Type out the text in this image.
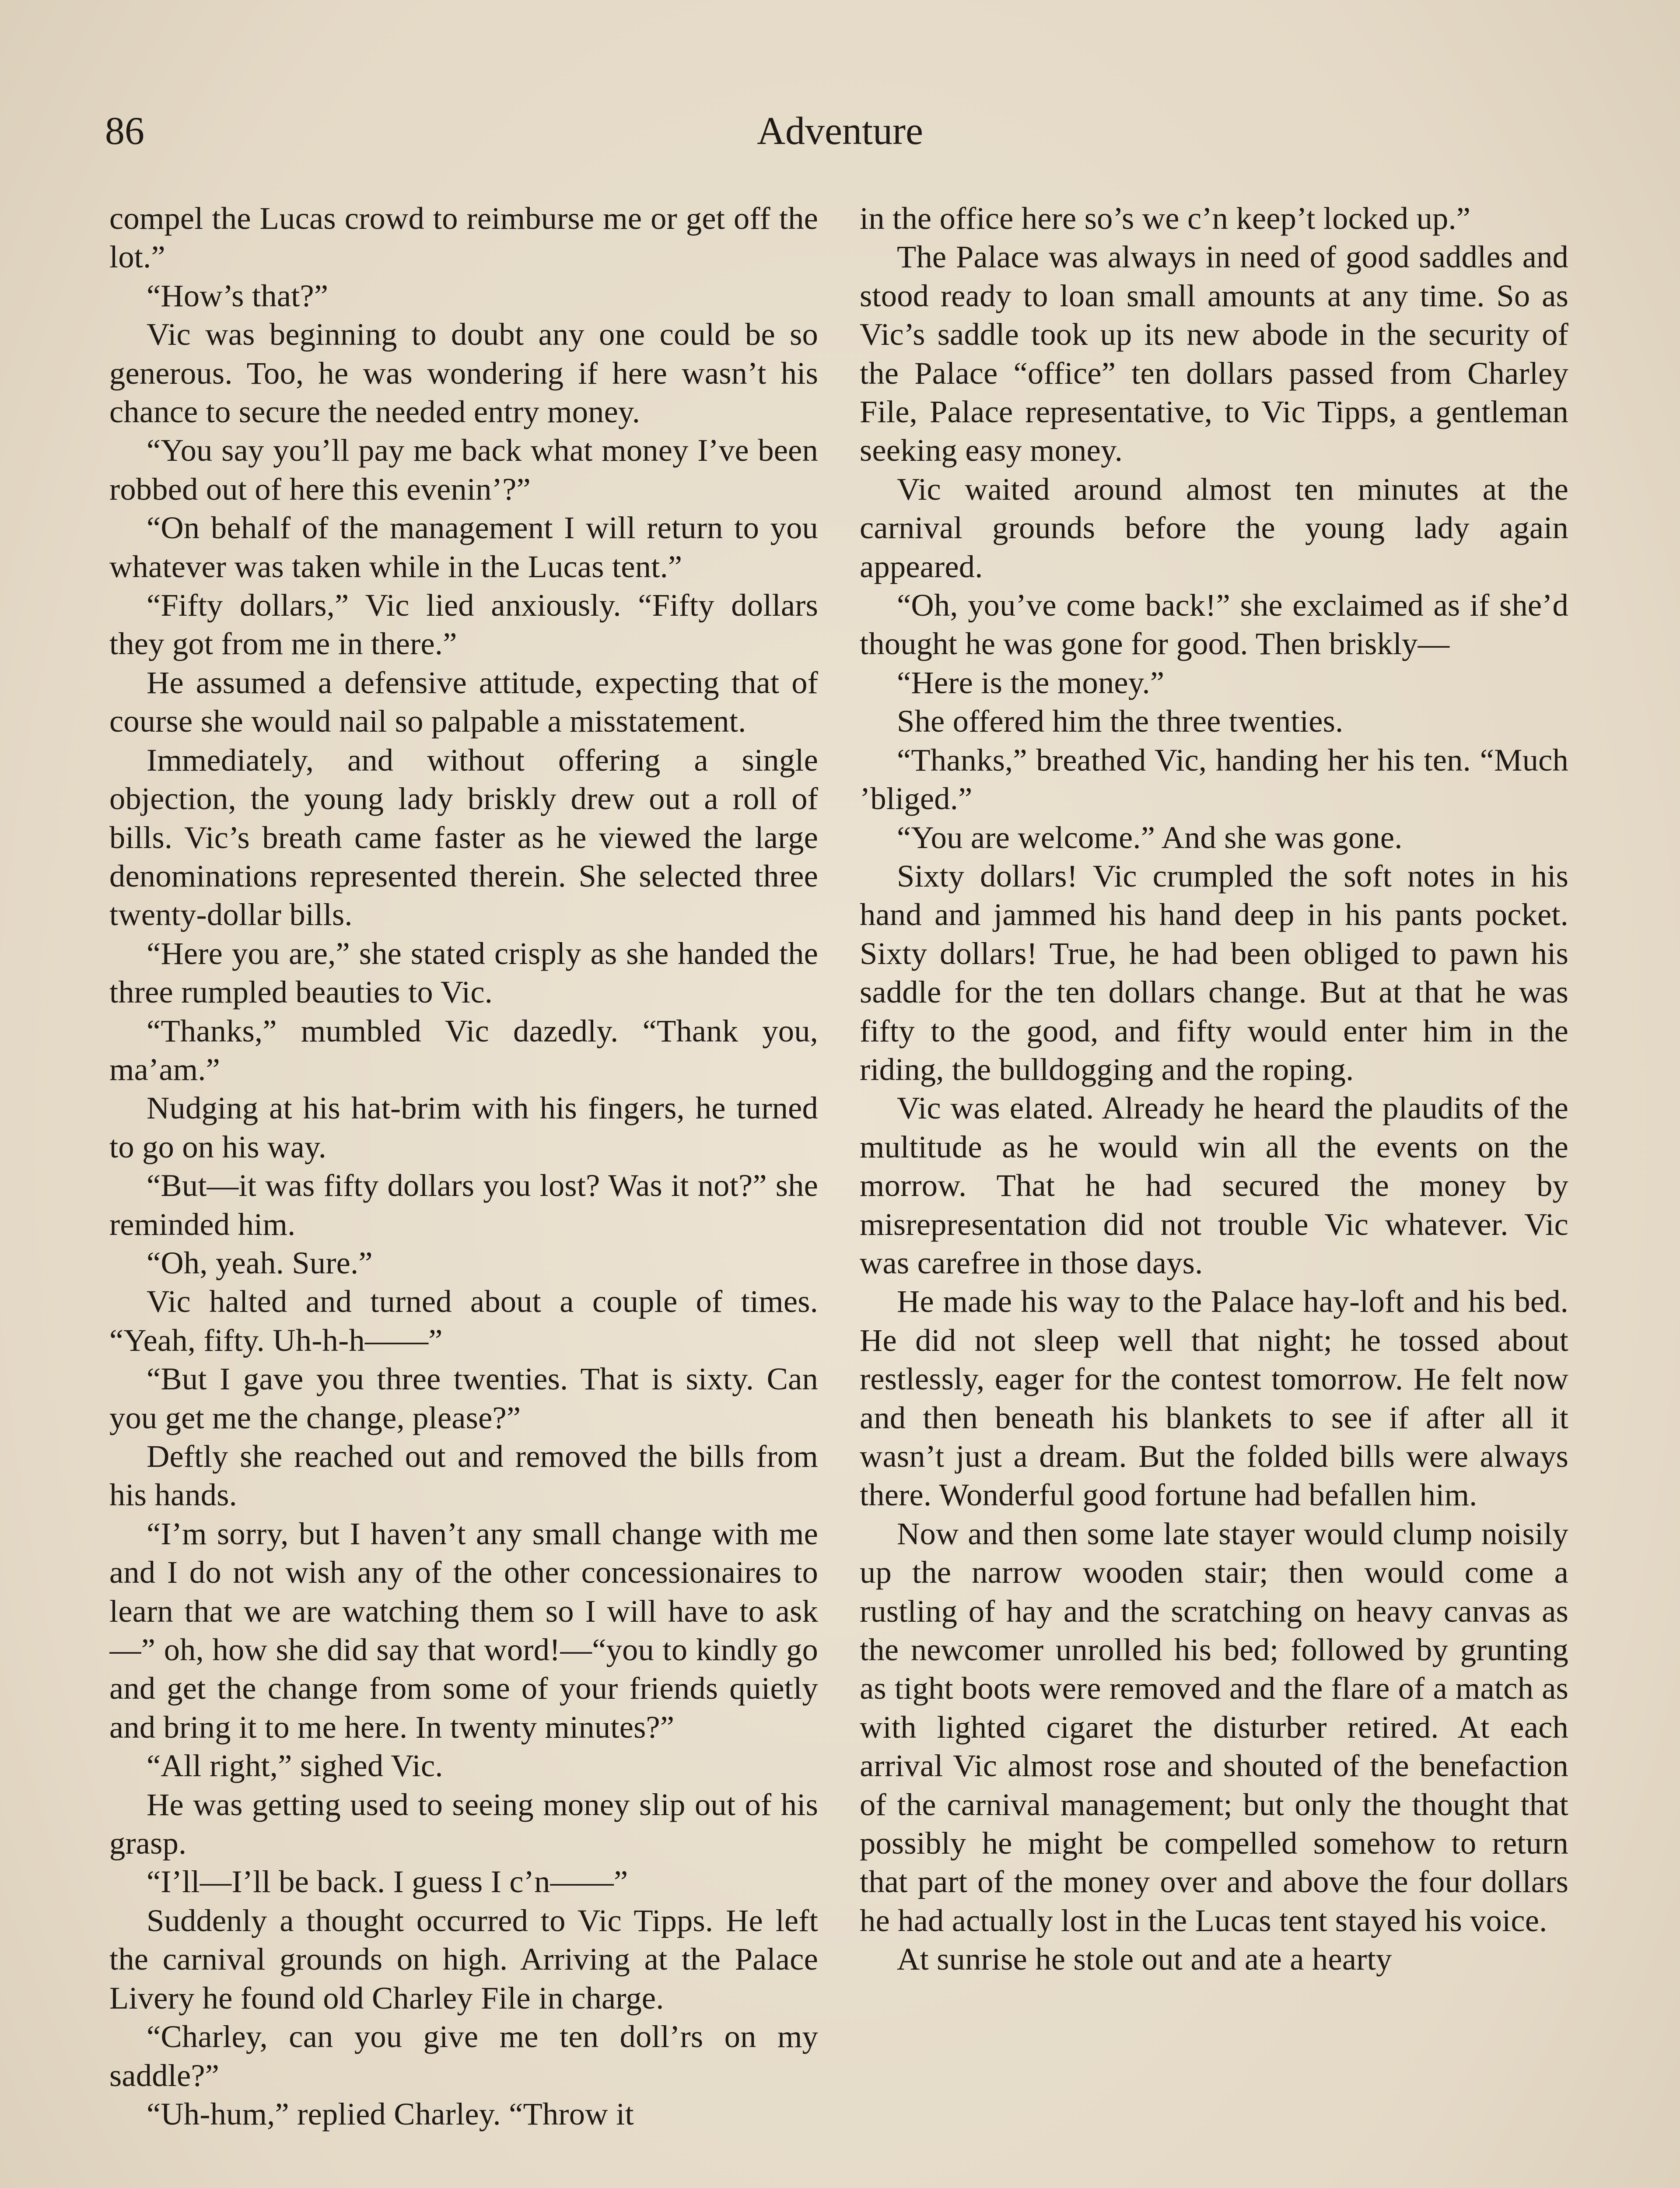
86	Adventure

compel the Lucas crowd to reimburse me or get off the lot.”

“How’s that?”

Vic was beginning to doubt any one could be so generous. Too, he was wondering if here wasn’t his chance to secure the needed entry money.

“You say you’ll pay me back what money I’ve been robbed out of here this evenin’?”

“On behalf of the management I will return to you whatever was taken while in the Lucas tent.”

“Fifty dollars,” Vic lied anxiously. “Fifty dollars they got from me in there.”

He assumed a defensive attitude, expecting that of course she would nail so palpable a misstatement.

Immediately, and without offering a single objection, the young lady briskly drew out a roll of bills. Vic’s breath came faster as he viewed the large denominations represented therein. She selected three twenty-dollar bills.

“Here you are,” she stated crisply as she handed the three rumpled beauties to Vic.

“Thanks,” mumbled Vic dazedly. “Thank you, ma’am.”

Nudging at his hat-brim with his fingers, he turned to go on his way.

“But—it was fifty dollars you lost? Was it not?” she reminded him.

“Oh, yeah. Sure.”

Vic halted and turned about a couple of times. “Yeah, fifty. Uh-h-h——”

“But I gave you three twenties. That is sixty. Can you get me the change, please?”

Deftly she reached out and removed the bills from his hands.

“I’m sorry, but I haven’t any small change with me and I do not wish any of the other concessionaires to learn that we are watching them so I will have to ask—” oh, how she did say that word!—“you to kindly go and get the change from some of your friends quietly and bring it to me here. In twenty minutes?”

“All right,” sighed Vic.

He was getting used to seeing money slip out of his grasp.

“I’ll—I’ll be back. I guess I c’n——”

Suddenly a thought occurred to Vic Tipps. He left the carnival grounds on high. Arriving at the Palace Livery he found old Charley File in charge.

“Charley, can you give me ten doll’rs on my saddle?”

“Uh-hum,” replied Charley. “Throw it

in the office here so’s we c’n keep’t locked up.”

The Palace was always in need of good saddles and stood ready to loan small amounts at any time. So as Vic’s saddle took up its new abode in the security of the Palace “office” ten dollars passed from Charley File, Palace representative, to Vic Tipps, a gentleman seeking easy money.

Vic waited around almost ten minutes at the carnival grounds before the young lady again appeared.

“Oh, you’ve come back!” she exclaimed as if she’d thought he was gone for good. Then briskly—

“Here is the money.”

She offered him the three twenties.

“Thanks,” breathed Vic, handing her his ten. “Much ’bliged.”

“You are welcome.” And she was gone.

Sixty dollars! Vic crumpled the soft notes in his hand and jammed his hand deep in his pants pocket. Sixty dollars! True, he had been obliged to pawn his saddle for the ten dollars change. But at that he was fifty to the good, and fifty would enter him in the riding, the bulldogging and the roping.

Vic was elated. Already he heard the plaudits of the multitude as he would win all the events on the morrow. That he had secured the money by misrepresentation did not trouble Vic whatever. Vic was carefree in those days.

He made his way to the Palace hay-loft and his bed. He did not sleep well that night; he tossed about restlessly, eager for the contest tomorrow. He felt now and then beneath his blankets to see if after all it wasn’t just a dream. But the folded bills were always there. Wonderful good fortune had befallen him.

Now and then some late stayer would clump noisily up the narrow wooden stair; then would come a rustling of hay and the scratching on heavy canvas as the newcomer unrolled his bed; followed by grunting as tight boots were removed and the flare of a match as with lighted cigaret the disturber retired. At each arrival Vic almost rose and shouted of the benefaction of the carnival management; but only the thought that possibly he might be compelled somehow to return that part of the money over and above the four dollars he had actually lost in the Lucas tent stayed his voice.

At sunrise he stole out and ate a hearty
